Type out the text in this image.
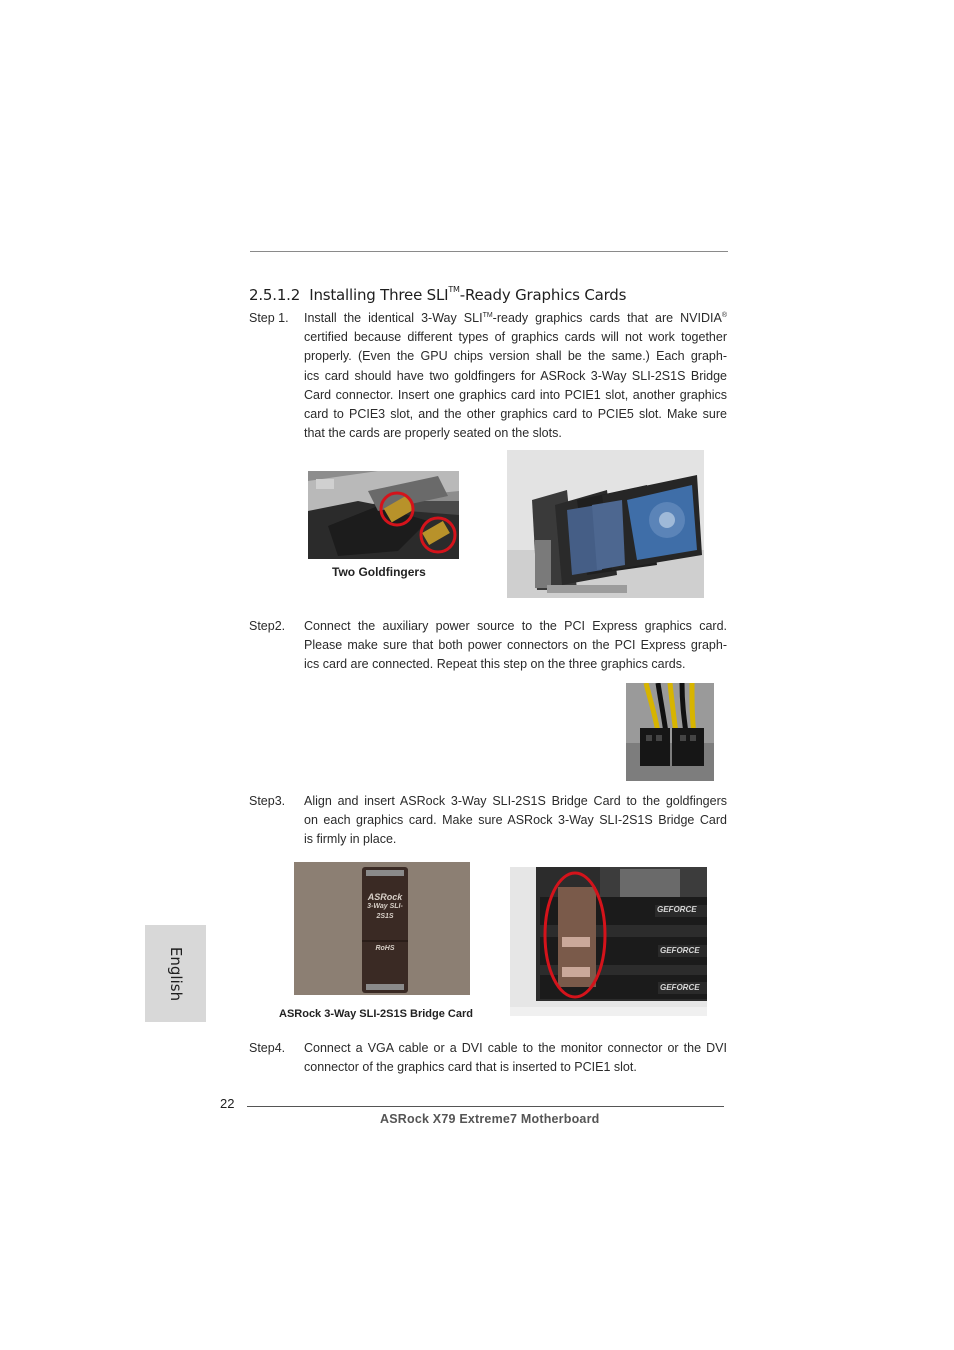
2.5.1.2 Installing Three SLI™-Ready Graphics Cards
Step 1. Install the identical 3-Way SLI™-ready graphics cards that are NVIDIA®
certified because different types of graphics cards will not work together
properly. (Even the GPU chips version shall be the same.) Each graph-
ics card should have two goldfingers for ASRock 3-Way SLI-2S1S Bridge
Card connector. Insert one graphics card into PCIE1 slot, another graphics
card to PCIE3 slot, and the other graphics card to PCIE5 slot. Make sure
that the cards are properly seated on the slots.
Two Goldfingers
Step2. Connect the auxiliary power source to the PCI Express graphics card.
Please make sure that both power connectors on the PCI Express graph-
ics card are connected. Repeat this step on the three graphics cards.
Step3. Align and insert ASRock 3-Way SLI-2S1S Bridge Card to the goldfingers
on each graphics card. Make sure ASRock 3-Way SLI-2S1S Bridge Card
is firmly in place.
ASRock
3-Way SLI-
2S1S
RoHS
ASRock 3-Way SLI-2S1S Bridge Card
GEFORCE
GEFORCE
GEFORCE
Step4. Connect a VGA cable or a DVI cable to the monitor connector or the DVI
connector of the graphics card that is inserted to PCIE1 slot.
English
22
ASRock X79 Extreme7 Motherboard
